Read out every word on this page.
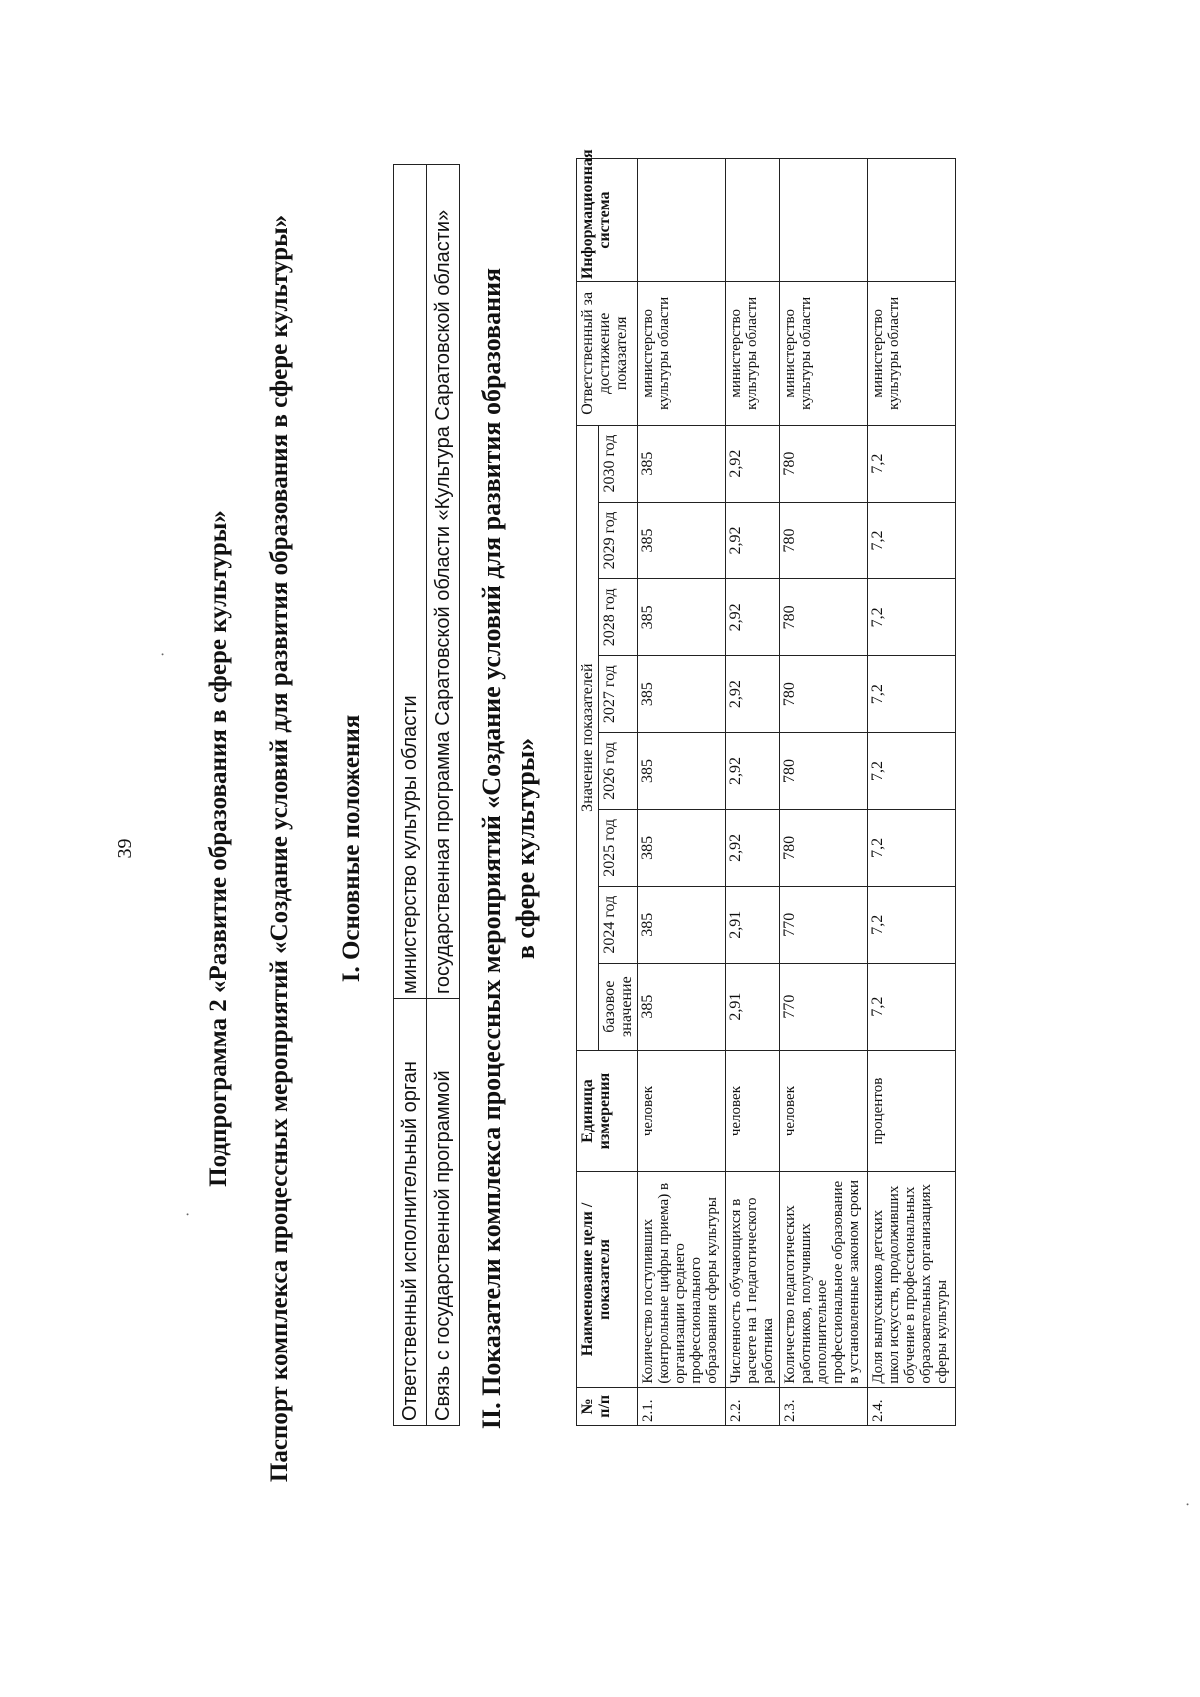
39	Подпрограмма 2 «Развитие образования в сфере культуры» Паспорт комплекса процессных мероприятий «Создание условий для развития образования в сфере культуры» I. Основные положения
Ответственный исполнительный орган	министерство культуры области
Связь с государственной программой	государственная программа Саратовской области «Культура Саратовской области» II. Показатели комплекса процессных мероприятий «Создание условий для развития образования в сфере культуры»
№ п/п	Наименование цели / показателя	Единица измерения	Значение показателей								Ответственный за достижение показателя	Информационная система
			базовое значение	2024 год	2025 год	2026 год	2027 год	2028 год	2029 год	2030 год		
2.1.	Количество поступивших (контрольные цифры приема) в организации среднего профессионального образования сферы культуры	человек	385	385	385	385	385	385	385	385	министерство культуры области	
2.2.	Численность обучающихся в расчете на 1 педагогического работника	человек	2,91	2,91	2,92	2,92	2,92	2,92	2,92	2,92	министерство культуры области	
2.3.	Количество педагогических работников, получивших дополнительное профессиональное образование в установленные законом сроки	человек	770	770	780	780	780	780	780	780	министерство культуры области	
2.4.	Доля выпускников детских школ искусств, продолживших обучение в профессиональных образовательных организациях сферы культуры	процентов	7,2	7,2	7,2	7,2	7,2	7,2	7,2	7,2	министерство культуры области	
·
·
·
